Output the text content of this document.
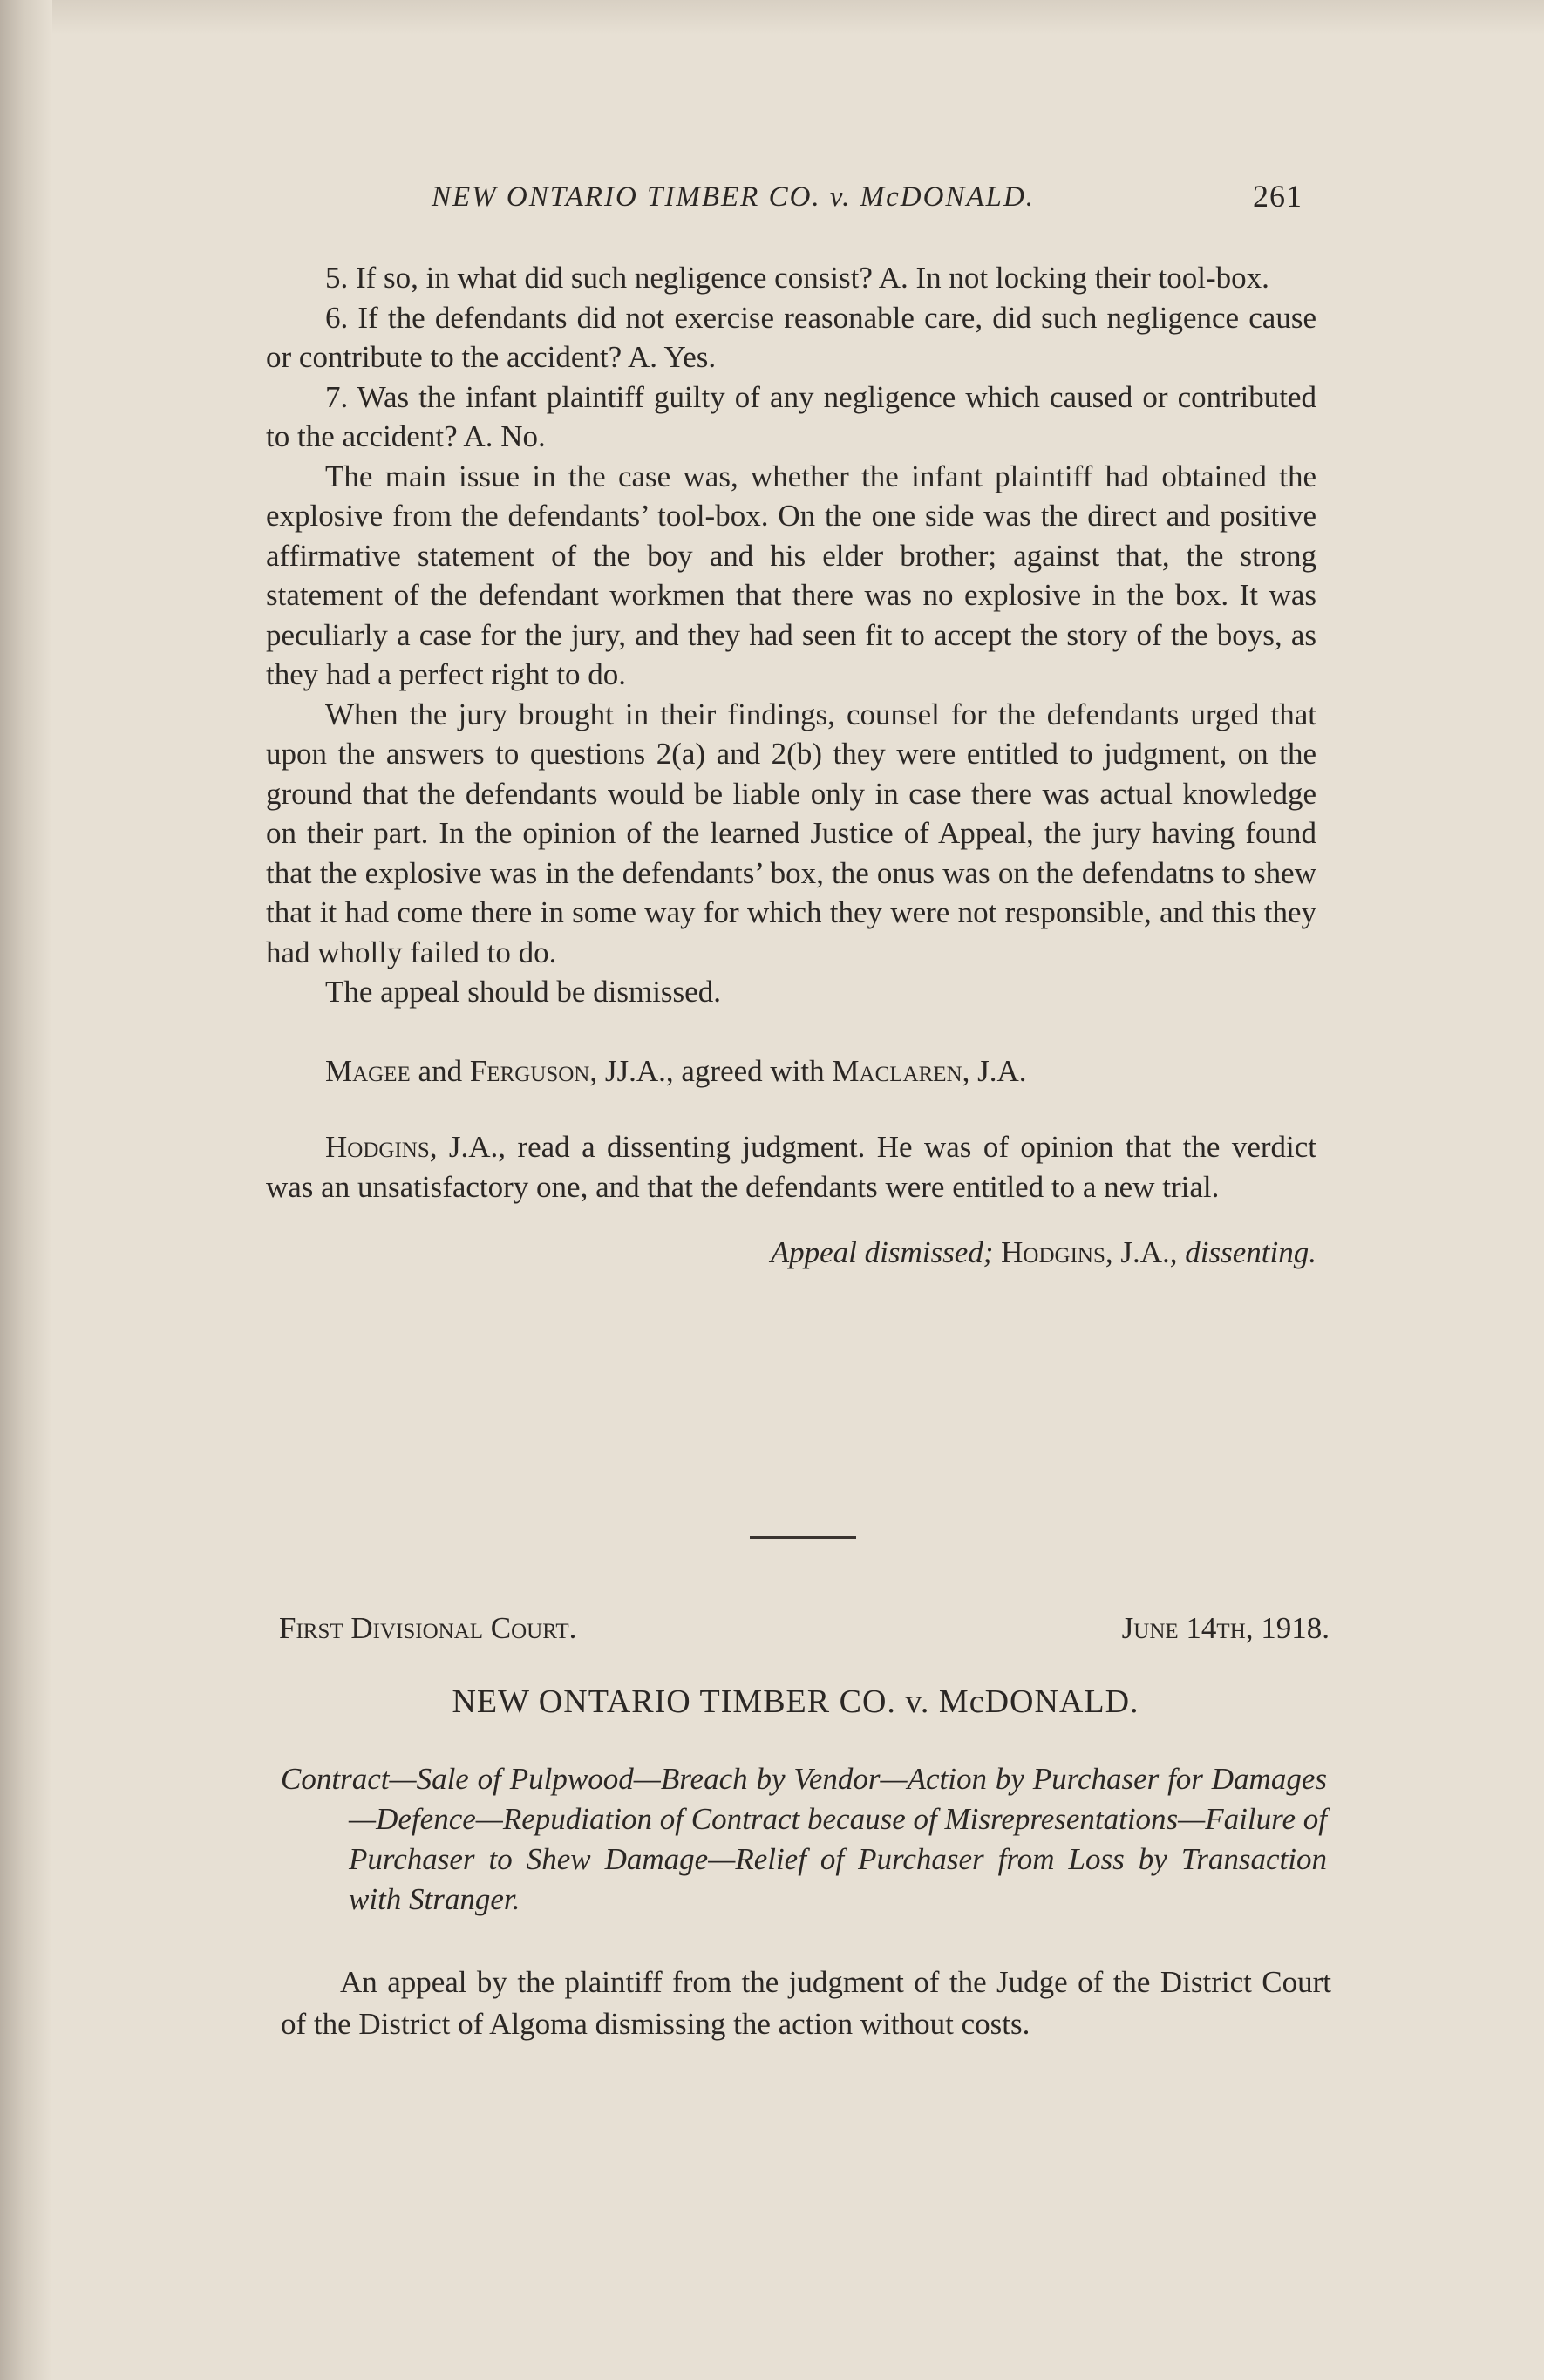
NEW ONTARIO TIMBER CO. v. McDONALD.	261

5. If so, in what did such negligence consist? A. In not locking their tool-box.

6. If the defendants did not exercise reasonable care, did such negligence cause or contribute to the accident? A. Yes.

7. Was the infant plaintiff guilty of any negligence which caused or contributed to the accident? A. No.

The main issue in the case was, whether the infant plaintiff had obtained the explosive from the defendants’ tool-box. On the one side was the direct and positive affirmative statement of the boy and his elder brother; against that, the strong statement of the defendant workmen that there was no explosive in the box. It was peculiarly a case for the jury, and they had seen fit to accept the story of the boys, as they had a perfect right to do.

When the jury brought in their findings, counsel for the defendants urged that upon the answers to questions 2(a) and 2(b) they were entitled to judgment, on the ground that the defendants would be liable only in case there was actual knowledge on their part. In the opinion of the learned Justice of Appeal, the jury having found that the explosive was in the defendants’ box, the onus was on the defendatns to shew that it had come there in some way for which they were not responsible, and this they had wholly failed to do.

The appeal should be dismissed.

Magee and Ferguson, JJ.A., agreed with Maclaren, J.A.

Hodgins, J.A., read a dissenting judgment. He was of opinion that the verdict was an unsatisfactory one, and that the defendants were entitled to a new trial.

Appeal dismissed; Hodgins, J.A., dissenting.

First Divisional Court.	June 14th, 1918.
NEW ONTARIO TIMBER CO. v. McDONALD.
Contract—Sale of Pulpwood—Breach by Vendor—Action by Purchaser for Damages—Defence—Repudiation of Contract because of Misrepresentations—Failure of Purchaser to Shew Damage—Relief of Purchaser from Loss by Transaction with Stranger.
An appeal by the plaintiff from the judgment of the Judge of the District Court of the District of Algoma dismissing the action without costs.
